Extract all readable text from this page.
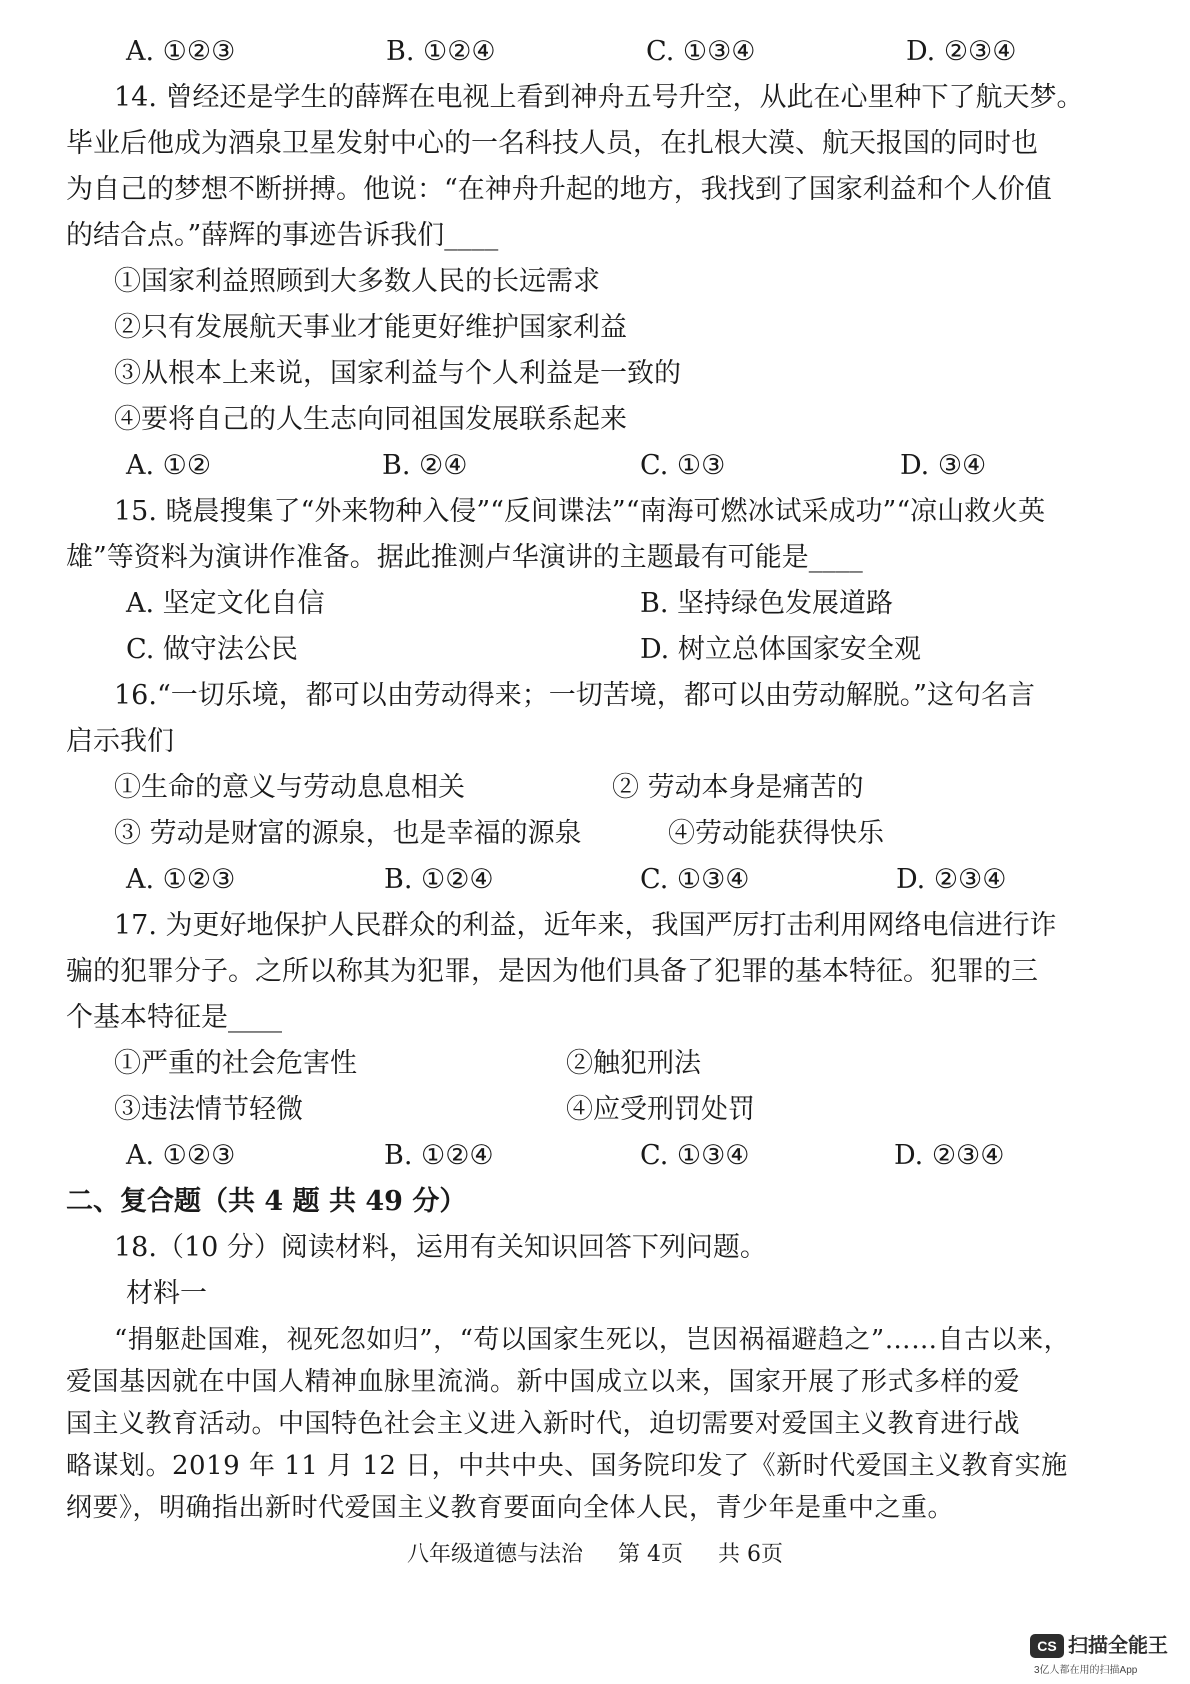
A. ①②③	B. ①②④	C. ①③④	D. ②③④
14. 曾经还是学生的薛辉在电视上看到神舟五号升空，从此在心里种下了航天梦。
毕业后他成为酒泉卫星发射中心的一名科技人员，在扎根大漠、航天报国的同时也
为自己的梦想不断拼搏。他说：“在神舟升起的地方，我找到了国家利益和个人价值
的结合点。”薛辉的事迹告诉我们____
①国家利益照顾到大多数人民的长远需求
②只有发展航天事业才能更好维护国家利益
③从根本上来说，国家利益与个人利益是一致的
④要将自己的人生志向同祖国发展联系起来
A. ①②	B. ②④	C. ①③	D. ③④
15. 晓晨搜集了“外来物种入侵”“反间谍法”“南海可燃冰试采成功”“凉山救火英
雄”等资料为演讲作准备。据此推测卢华演讲的主题最有可能是____
A. 坚定文化自信	B. 坚持绿色发展道路
C. 做守法公民	D. 树立总体国家安全观
16.“一切乐境，都可以由劳动得来；一切苦境，都可以由劳动解脱。”这句名言
启示我们
①生命的意义与劳动息息相关	② 劳动本身是痛苦的
③ 劳动是财富的源泉，也是幸福的源泉	④劳动能获得快乐
A. ①②③	B. ①②④	C. ①③④	D. ②③④
17. 为更好地保护人民群众的利益，近年来，我国严厉打击利用网络电信进行诈
骗的犯罪分子。之所以称其为犯罪，是因为他们具备了犯罪的基本特征。犯罪的三
个基本特征是____
①严重的社会危害性	②触犯刑法
③违法情节轻微	④应受刑罚处罚
A. ①②③	B. ①②④	C. ①③④	D. ②③④
二、复合题（共 4 题 共 49 分）
18.（10 分）阅读材料，运用有关知识回答下列问题。
材料一
“捐躯赴国难，视死忽如归”，“苟以国家生死以，岂因祸福避趋之”……自古以来，
爱国基因就在中国人精神血脉里流淌。新中国成立以来，国家开展了形式多样的爱
国主义教育活动。中国特色社会主义进入新时代，迫切需要对爱国主义教育进行战
略谋划。2019 年 11 月 12 日，中共中央、国务院印发了《新时代爱国主义教育实施
八年级道德与法治 第 4页 共 6页
CS 扫描全能王
3亿人都在用的扫描App
纲要》，明确指出新时代爱国主义教育要面向全体人民，青少年是重中之重。
